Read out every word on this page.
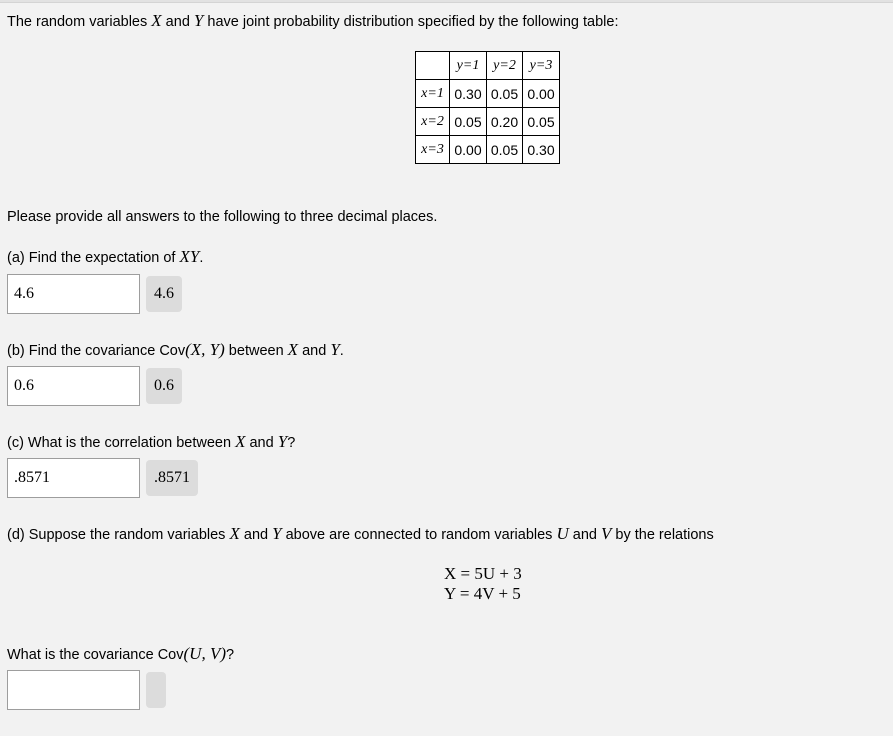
The random variables X and Y have joint probability distribution specified by the following table:
	y=1	y=2	y=3
x=1	0.30	0.05	0.00
x=2	0.05	0.20	0.05
x=3	0.00	0.05	0.30
Please provide all answers to the following to three decimal places.
(a) Find the expectation of XY.
4.6
4.6
(b) Find the covariance Cov(X, Y) between X and Y.
0.6
0.6
(c) What is the correlation between X and Y?
.8571
.8571
(d) Suppose the random variables X and Y above are connected to random variables U and V by the relations
X = 5U + 3
Y = 4V + 5
What is the covariance Cov(U, V)?
